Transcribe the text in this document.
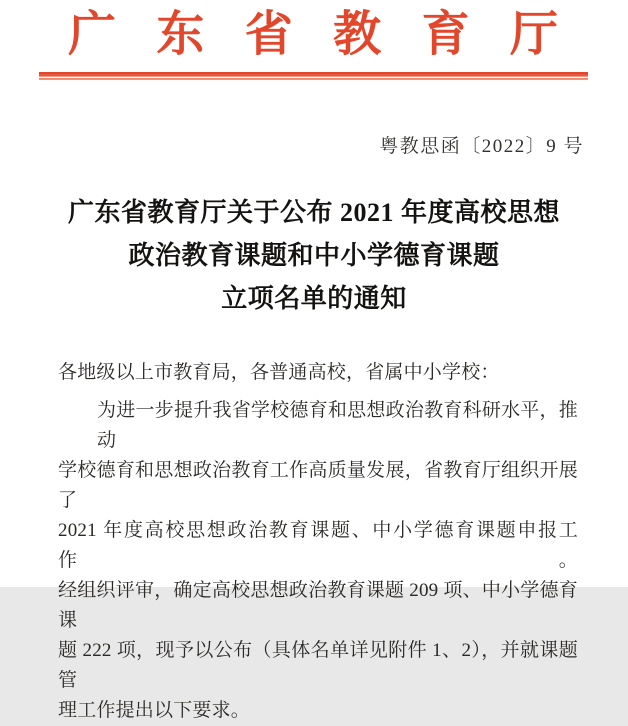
广 东 省 教 育 厅
粤教思函〔2022〕9 号
广东省教育厅关于公布 2021 年度高校思想
政治教育课题和中小学德育课题
立项名单的通知
各地级以上市教育局，各普通高校，省属中小学校：
为进一步提升我省学校德育和思想政治教育科研水平，推动
学校德育和思想政治教育工作高质量发展，省教育厅组织开展了
2021 年度高校思想政治教育课题、中小学德育课题申报工作。
经组织评审，确定高校思想政治教育课题 209 项、中小学德育课
题 222 项，现予以公布（具体名单详见附件 1、2），并就课题管
理工作提出以下要求。
